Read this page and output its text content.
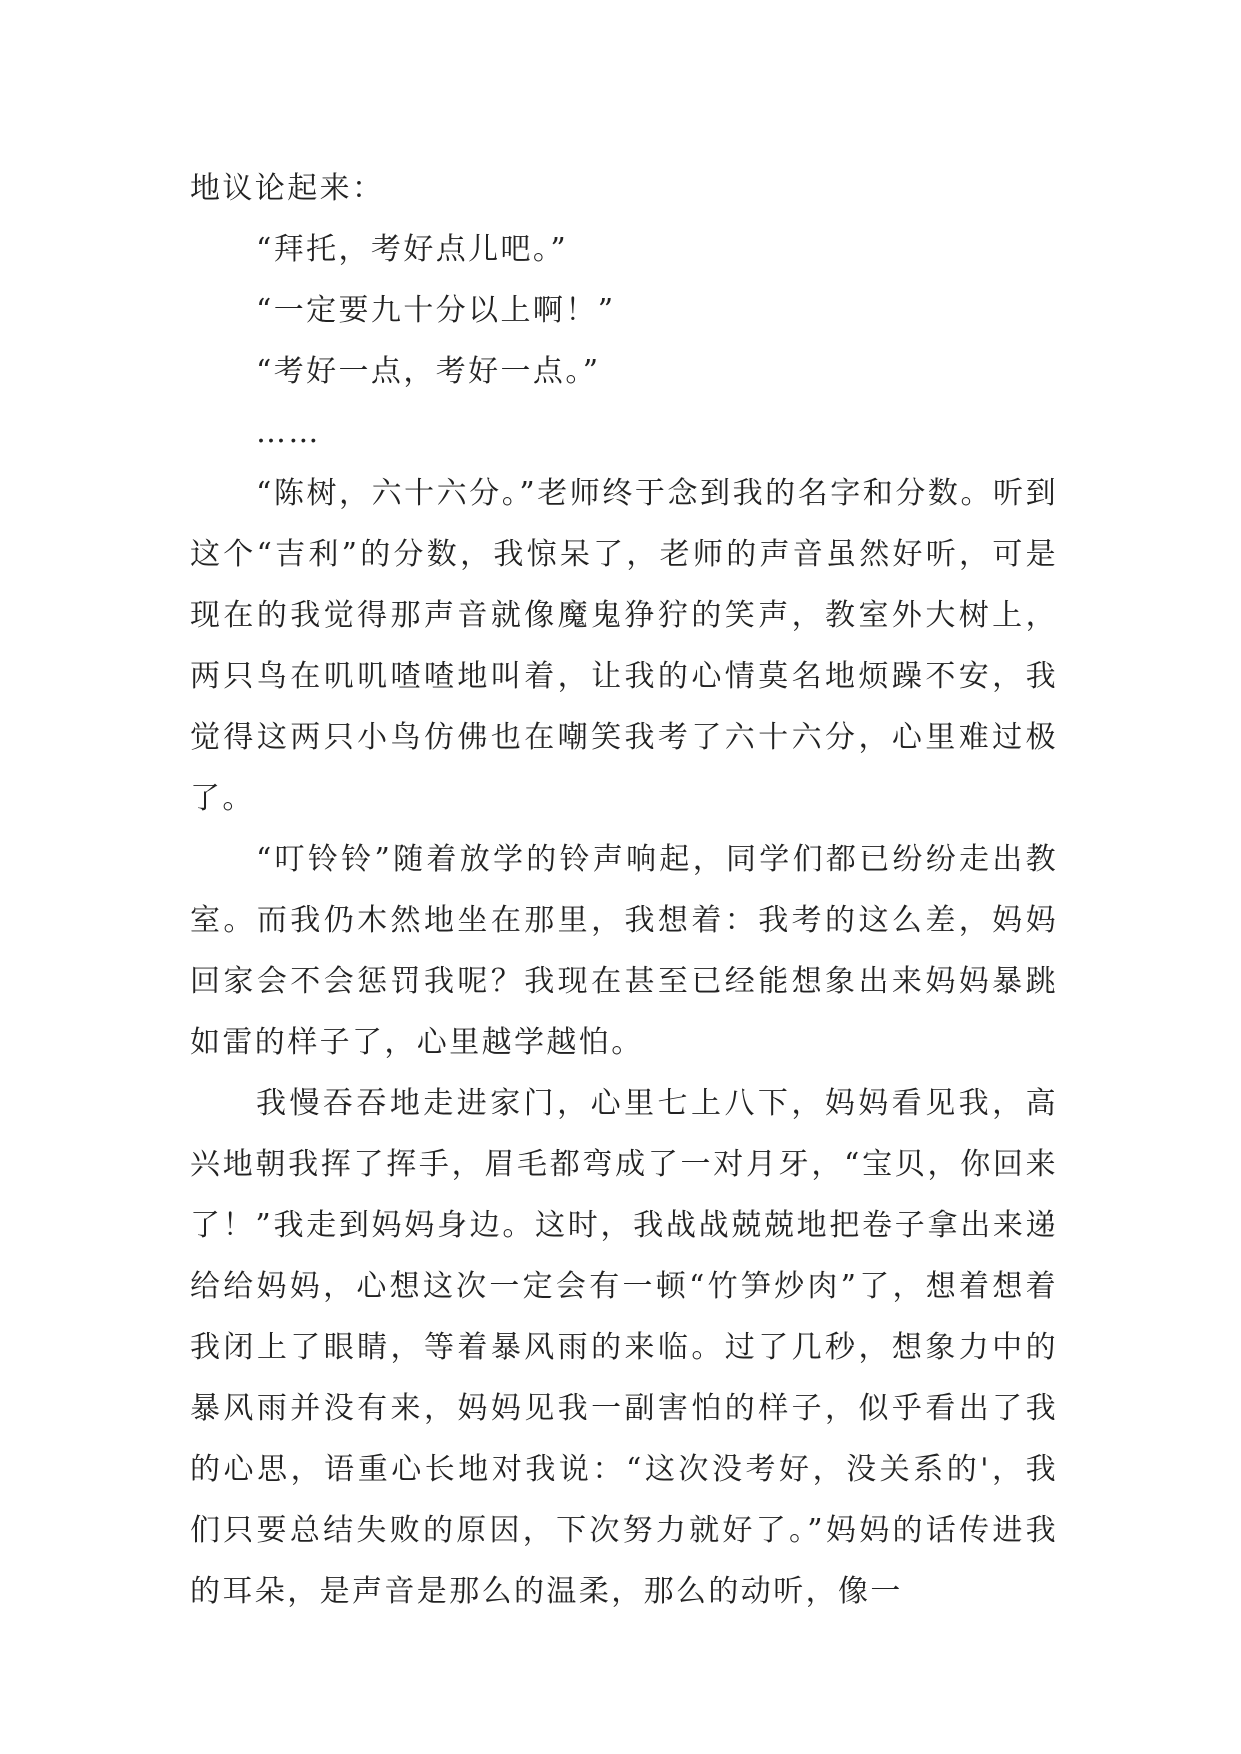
地议论起来：

“拜托，考好点儿吧。”

“一定要九十分以上啊！”

“考好一点，考好一点。”

……

“陈树，六十六分。”老师终于念到我的名字和分数。听到这个“吉利”的分数，我惊呆了，老师的声音虽然好听，可是现在的我觉得那声音就像魔鬼狰狞的笑声，教室外大树上，两只鸟在叽叽喳喳地叫着，让我的心情莫名地烦躁不安，我觉得这两只小鸟仿佛也在嘲笑我考了六十六分，心里难过极了。

“叮铃铃”随着放学的铃声响起，同学们都已纷纷走出教室。而我仍木然地坐在那里，我想着：我考的这么差，妈妈回家会不会惩罚我呢？我现在甚至已经能想象出来妈妈暴跳如雷的样子了，心里越学越怕。

我慢吞吞地走进家门，心里七上八下，妈妈看见我，高兴地朝我挥了挥手，眉毛都弯成了一对月牙，“宝贝，你回来了！”我走到妈妈身边。这时，我战战兢兢地把卷子拿出来递给给妈妈，心想这次一定会有一顿“竹笋炒肉”了，想着想着我闭上了眼睛，等着暴风雨的来临。过了几秒，想象力中的暴风雨并没有来，妈妈见我一副害怕的样子，似乎看出了我的心思，语重心长地对我说：“这次没考好，没关系的'，我们只要总结失败的原因，下次努力就好了。”妈妈的话传进我的耳朵，是声音是那么的温柔，那么的动听，像一
